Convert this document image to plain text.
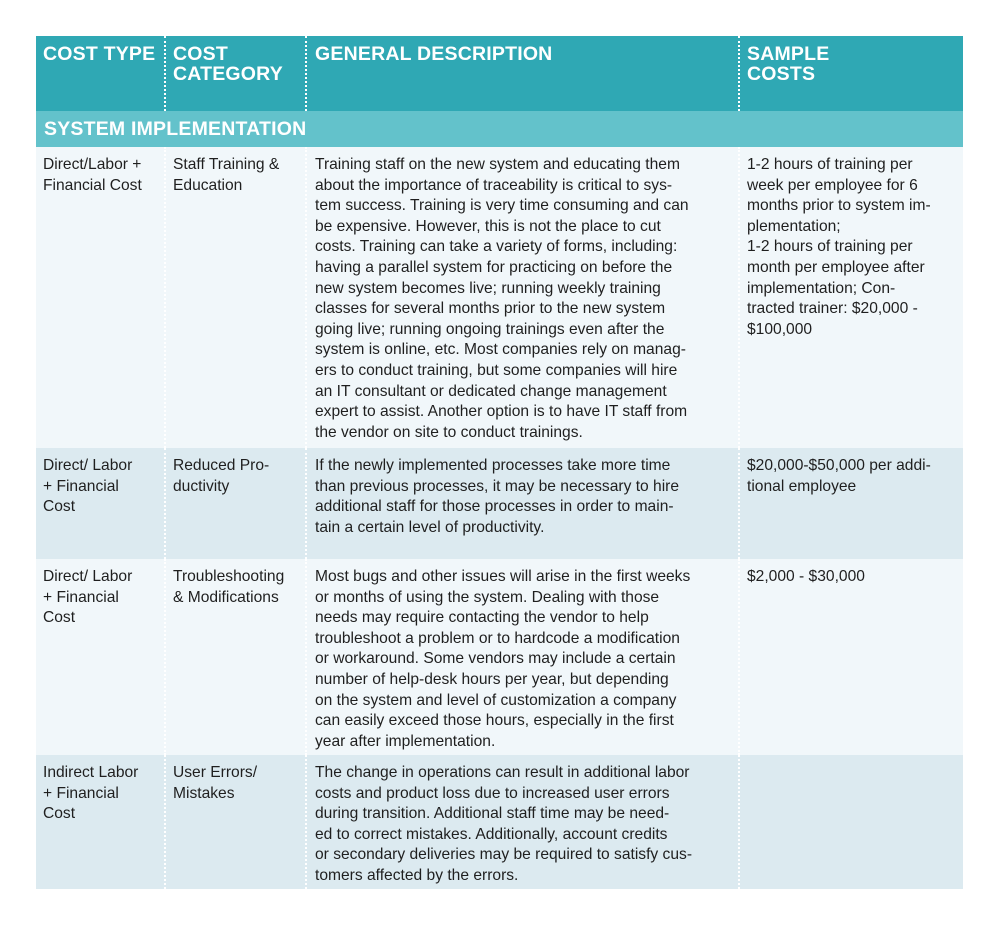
COST TYPE COST
CATEGORY
GENERAL DESCRIPTION	SAMPLE
COSTS
SYSTEM IMPLEMENTATION
Direct/Labor +
Financial Cost
Staff Training &
Education
Training staff on the new system and educating them
about the importance of traceability is critical to sys-
tem success. Training is very time consuming and can
be expensive. However, this is not the place to cut
costs. Training can take a variety of forms, including:
having a parallel system for practicing on before the
new system becomes live; running weekly training
classes for several months prior to the new system
going live; running ongoing trainings even after the
system is online, etc. Most companies rely on manag-
ers to conduct training, but some companies will hire
an IT consultant or dedicated change management
expert to assist. Another option is to have IT staff from
the vendor on site to conduct trainings.
1-2 hours of training per
week per employee for 6
months prior to system im-
plementation;
1-2 hours of training per
month per employee after
implementation; Con-
tracted trainer: $20,000 -
$100,000
Direct/ Labor
+ Financial
Cost
Reduced Pro-
ductivity
If the newly implemented processes take more time
than previous processes, it may be necessary to hire
additional staff for those processes in order to main-
tain a certain level of productivity.
$20,000-$50,000 per addi-
tional employee
Direct/ Labor
+ Financial
Cost
Troubleshooting
& Modifications
Most bugs and other issues will arise in the first weeks
or months of using the system. Dealing with those
needs may require contacting the vendor to help
troubleshoot a problem or to hardcode a modification
or workaround. Some vendors may include a certain
number of help-desk hours per year, but depending
on the system and level of customization a company
can easily exceed those hours, especially in the first
year after implementation.
$2,000 - $30,000
Indirect Labor
+ Financial
Cost
User Errors/
Mistakes
The change in operations can result in additional labor
costs and product loss due to increased user errors
during transition. Additional staff time may be need-
ed to correct mistakes. Additionally, account credits
or secondary deliveries may be required to satisfy cus-
tomers affected by the errors.
